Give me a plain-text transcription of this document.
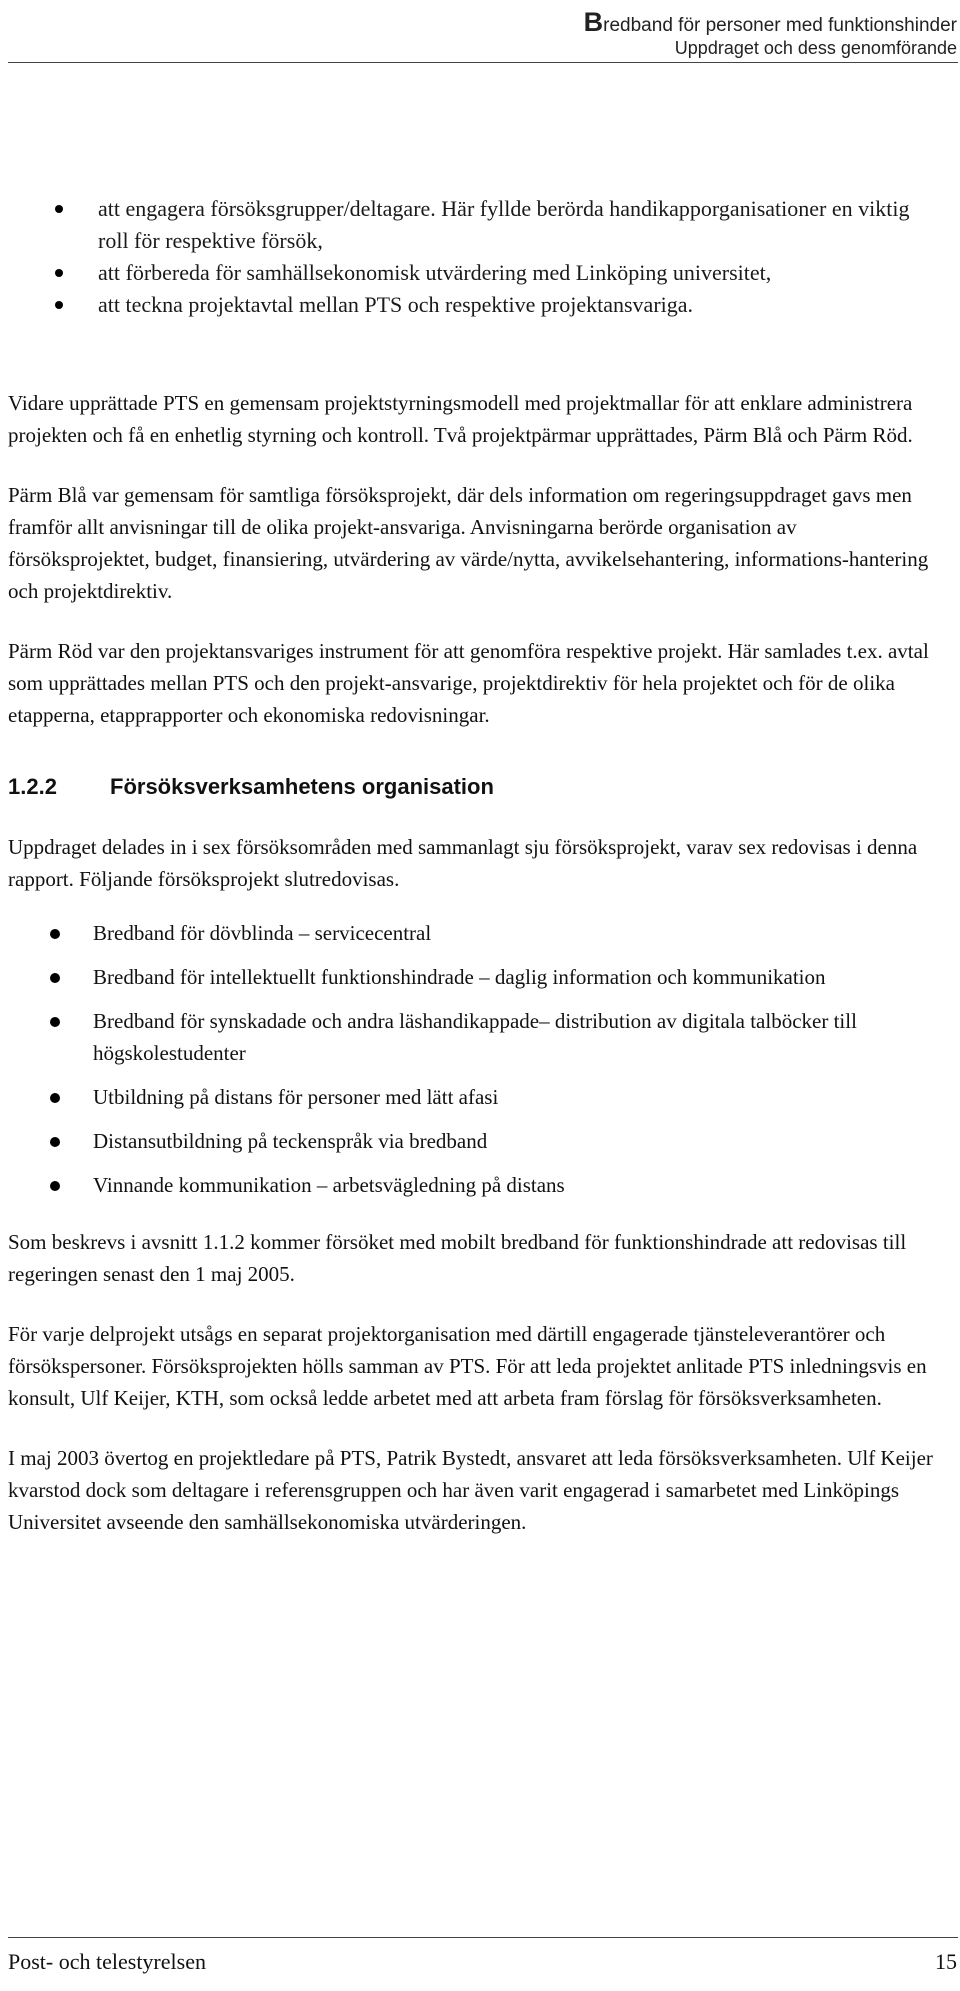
Bredband för personer med funktionshinder
Uppdraget och dess genomförande
att engagera försöksgrupper/deltagare. Här fyllde berörda handikapporganisationer en viktig roll för respektive försök,
att förbereda för samhällsekonomisk utvärdering med Linköping universitet,
att teckna projektavtal mellan PTS och respektive projektansvariga.

Vidare upprättade PTS en gemensam projektstyrningsmodell med projektmallar för att enklare administrera projekten och få en enhetlig styrning och kontroll. Två projektpärmar upprättades, Pärm Blå och Pärm Röd.

Pärm Blå var gemensam för samtliga försöksprojekt, där dels information om regeringsuppdraget gavs men framför allt anvisningar till de olika projekt-ansvariga. Anvisningarna berörde organisation av försöksprojektet, budget, finansiering, utvärdering av värde/nytta, avvikelsehantering, informations-hantering och projektdirektiv.

Pärm Röd var den projektansvariges instrument för att genomföra respektive projekt. Här samlades t.ex. avtal som upprättades mellan PTS och den projekt-ansvarige, projektdirektiv för hela projektet och för de olika etapperna, etapprapporter och ekonomiska redovisningar.

1.2.2 Försöksverksamhetens organisation

Uppdraget delades in i sex försöksområden med sammanlagt sju försöksprojekt, varav sex redovisas i denna rapport. Följande försöksprojekt slutredovisas.

Bredband för dövblinda – servicecentral
Bredband för intellektuellt funktionshindrade – daglig information och kommunikation
Bredband för synskadade och andra läshandikappade– distribution av digitala talböcker till högskolestudenter
Utbildning på distans för personer med lätt afasi
Distansutbildning på teckenspråk via bredband
Vinnande kommunikation – arbetsvägledning på distans

Som beskrevs i avsnitt 1.1.2 kommer försöket med mobilt bredband för funktionshindrade att redovisas till regeringen senast den 1 maj 2005.

För varje delprojekt utsågs en separat projektorganisation med därtill engagerade tjänsteleverantörer och försökspersoner. Försöksprojekten hölls samman av PTS. För att leda projektet anlitade PTS inledningsvis en konsult, Ulf Keijer, KTH, som också ledde arbetet med att arbeta fram förslag för försöksverksamheten.

I maj 2003 övertog en projektledare på PTS, Patrik Bystedt, ansvaret att leda försöksverksamheten. Ulf Keijer kvarstod dock som deltagare i referensgruppen och har även varit engagerad i samarbetet med Linköpings Universitet avseende den samhällsekonomiska utvärderingen.

Post- och telestyrelsen	15
